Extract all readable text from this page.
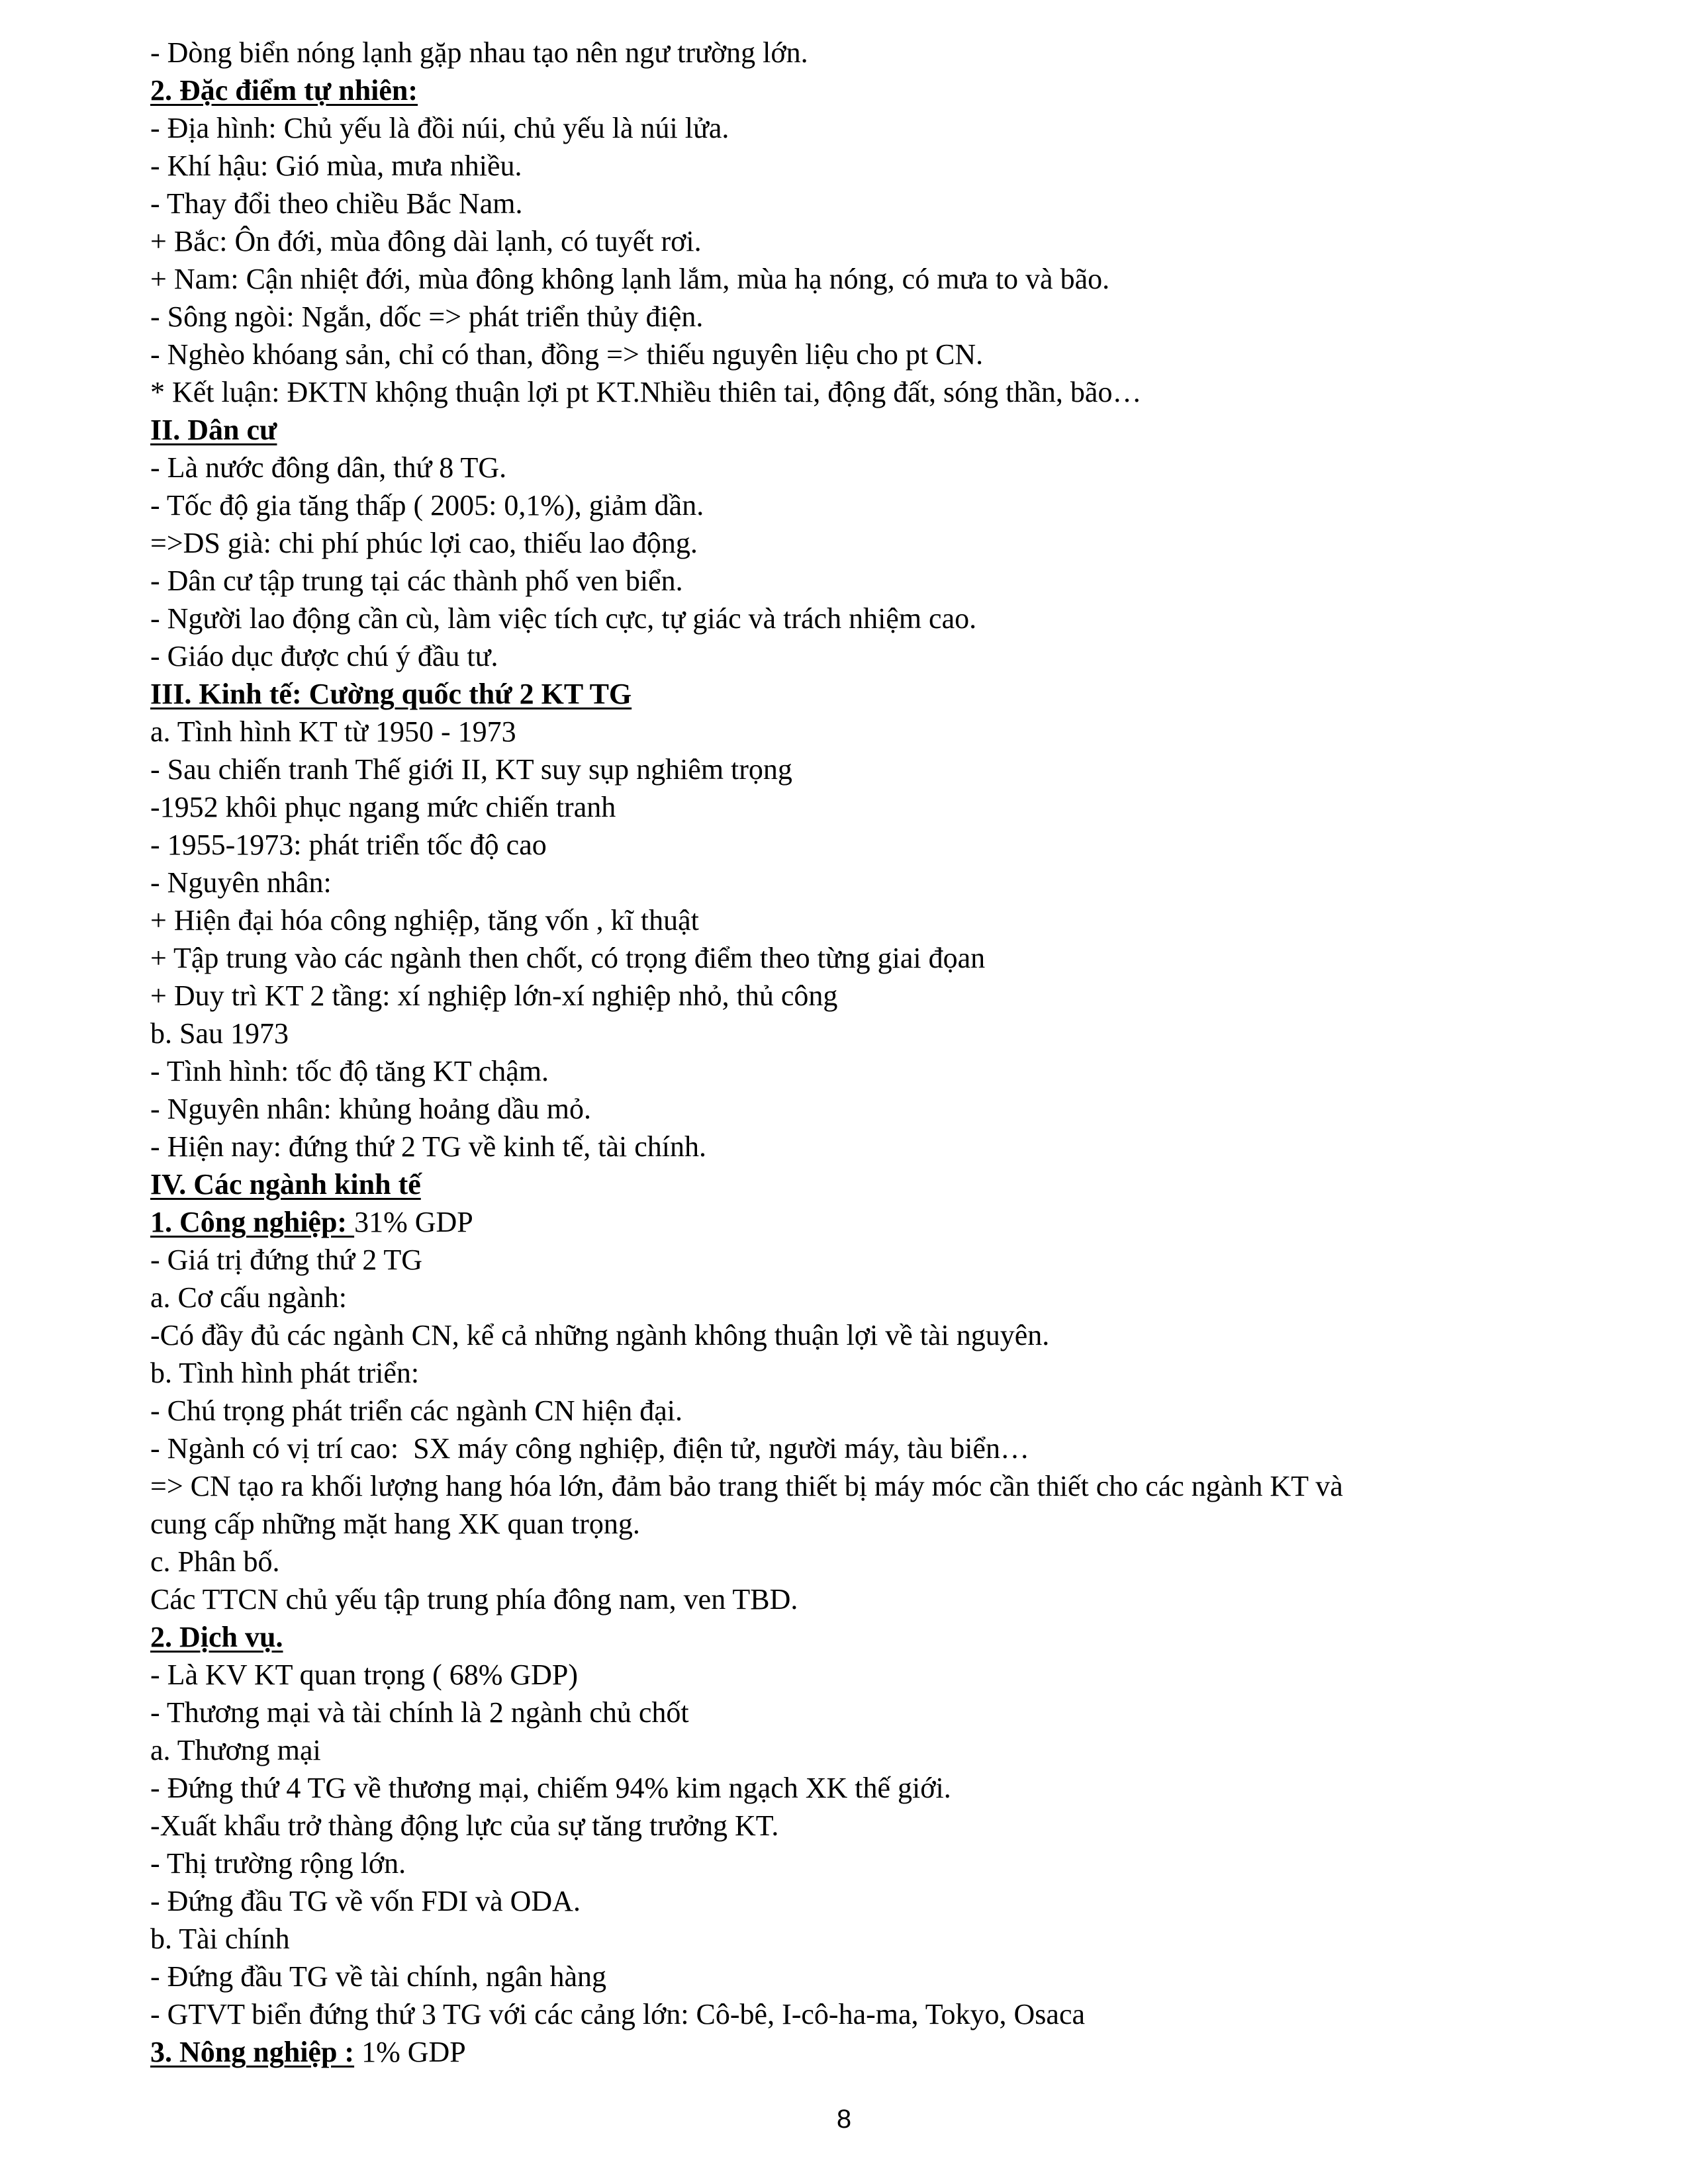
- Dòng biển nóng lạnh gặp nhau tạo nên ngư trường lớn.
2. Đặc điểm tự nhiên:
- Địa hình: Chủ yếu là đồi núi, chủ yếu là núi lửa.
- Khí hậu: Gió mùa, mưa nhiều.
- Thay đổi theo chiều Bắc Nam.
+ Bắc: Ôn đới, mùa đông dài lạnh, có tuyết rơi.
+ Nam: Cận nhiệt đới, mùa đông không lạnh lắm, mùa hạ nóng, có mưa to và bão.
- Sông ngòi: Ngắn, dốc => phát triển thủy điện.
- Nghèo khóang sản, chỉ có than, đồng => thiếu nguyên liệu cho pt CN.
* Kết luận: ĐKTN khộng thuận lợi pt KT.Nhiều thiên tai, động đất, sóng thần, bão…
II. Dân cư
- Là nước đông dân, thứ 8 TG.
- Tốc độ gia tăng thấp ( 2005: 0,1%), giảm dần.
=>DS già: chi phí phúc lợi cao, thiếu lao động.
- Dân cư tập trung tại các thành phố ven biển.
- Người lao động cần cù, làm việc tích cực, tự giác và trách nhiệm cao.
- Giáo dục được chú ý đầu tư.
III. Kinh tế: Cường quốc thứ 2 KT TG
a. Tình hình KT từ 1950 - 1973
- Sau chiến tranh Thế giới II, KT suy sụp nghiêm trọng
-1952 khôi phục ngang mức chiến tranh
- 1955-1973: phát triển tốc độ cao
- Nguyên nhân:
+ Hiện đại hóa công nghiệp, tăng vốn , kĩ thuật
+ Tập trung vào các ngành then chốt, có trọng điểm theo từng giai đọan
+ Duy trì KT 2 tầng: xí nghiệp lớn-xí nghiệp nhỏ, thủ công
b. Sau 1973
- Tình hình: tốc độ tăng KT chậm.
- Nguyên nhân: khủng hoảng dầu mỏ.
- Hiện nay: đứng thứ 2 TG về kinh tế, tài chính.
IV. Các ngành kinh tế
1. Công nghiệp: 31% GDP
- Giá trị đứng thứ 2 TG
a. Cơ cấu ngành:
-Có đầy đủ các ngành CN, kể cả những ngành không thuận lợi về tài nguyên.
b. Tình hình phát triển:
- Chú trọng phát triển các ngành CN hiện đại.
- Ngành có vị trí cao:  SX máy công nghiệp, điện tử, người máy, tàu biển…
=> CN tạo ra khối lượng hang hóa lớn, đảm bảo trang thiết bị máy móc cần thiết cho các ngành KT và
cung cấp những mặt hang XK quan trọng.
c. Phân bố.
Các TTCN chủ yếu tập trung phía đông nam, ven TBD.
2. Dịch vụ.
- Là KV KT quan trọng ( 68% GDP)
- Thương mại và tài chính là 2 ngành chủ chốt
a. Thương mại
- Đứng thứ 4 TG về thương mại, chiếm 94% kim ngạch XK thế giới.
-Xuất khẩu trở thàng động lực của sự tăng trưởng KT.
- Thị trường rộng lớn.
- Đứng đầu TG về vốn FDI và ODA.
b. Tài chính
- Đứng đầu TG về tài chính, ngân hàng
- GTVT biển đứng thứ 3 TG với các cảng lớn: Cô-bê, I-cô-ha-ma, Tokyo, Osaca
3. Nông nghiệp : 1% GDP
8
